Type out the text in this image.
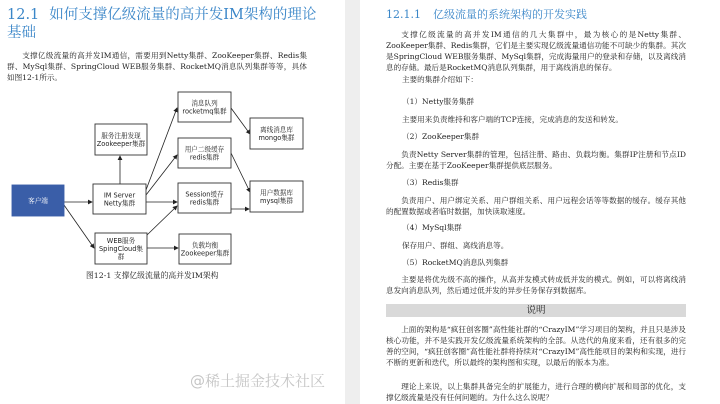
12.1 如何支撑亿级流量的高并发IM架构的理论基础
支撑亿级流量的高并发IM通信，需要用到Netty集群、ZooKeeper集群、Redis集群、MySql集群、SpringCloud WEB服务集群、RocketMQ消息队列集群等等，具体如图12-1所示。
客户端
服务注册发现
Zookeeper集群
IM Server
Netty集群
WEB服务
SpingCloud集
群
消息队列
rocketmq集群
用户二级缓存
redis集群
Session缓存
redis集群
负载均衡
Zookeeper集群
离线消息库
mongo集群
用户数据库
mysql集群
图12-1 支撑亿级流量的高并发IM架构
12.1.1 亿级流量的系统架构的开发实践
支撑亿级流量的高并发IM通信的几大集群中，最为核心的是Netty集群、ZooKeeper集群、Redis集群，它们是主要实现亿级流量通信功能不可缺少的集群。其次是SpringCloud WEB服务集群、MySql集群，完成海量用户的登录和存储，以及离线消息的存储。最后是RocketMQ消息队列集群，用于离线消息的保存。
主要的集群介绍如下：
（1）Netty服务集群
主要用来负责维持和客户端的TCP连接，完成消息的发送和转发。
（2）ZooKeeper集群
负责Netty Server集群的管理，包括注册、路由、负载均衡。集群IP注册和节点ID分配。主要在基于ZooKeeper集群提供底层服务。
（3）Redis集群
负责用户、用户绑定关系、用户群组关系、用户远程会话等等数据的缓存。缓存其他的配置数据或者临时数据，加快读取速度。
（4）MySql集群
保存用户、群组、离线消息等。
（5）RocketMQ消息队列集群
主要是将优先级不高的操作，从高并发模式转成低并发的模式。例如，可以将离线消息发向消息队列，然后通过低并发的异步任务保存到数据库。
说明
上面的架构是“疯狂创客圈”高性能社群的“CrazyIM”学习项目的架构，并且只是涉及核心功能，并不是实践开发亿级流量系统架构的全部。从迭代的角度来看，还有很多的完善的空间，“疯狂创客圈”高性能社群将持续对“CrazyIM”高性能项目的架构和实现，进行不断的更新和迭代，所以最终的架构图和实现，以最后的版本为准。
理论上来说，以上集群具备完全的扩展能力，进行合理的横向扩展和局部的优化，支撑亿级流量是没有任何问题的。为什么这么说呢？
@稀土掘金技术社区
